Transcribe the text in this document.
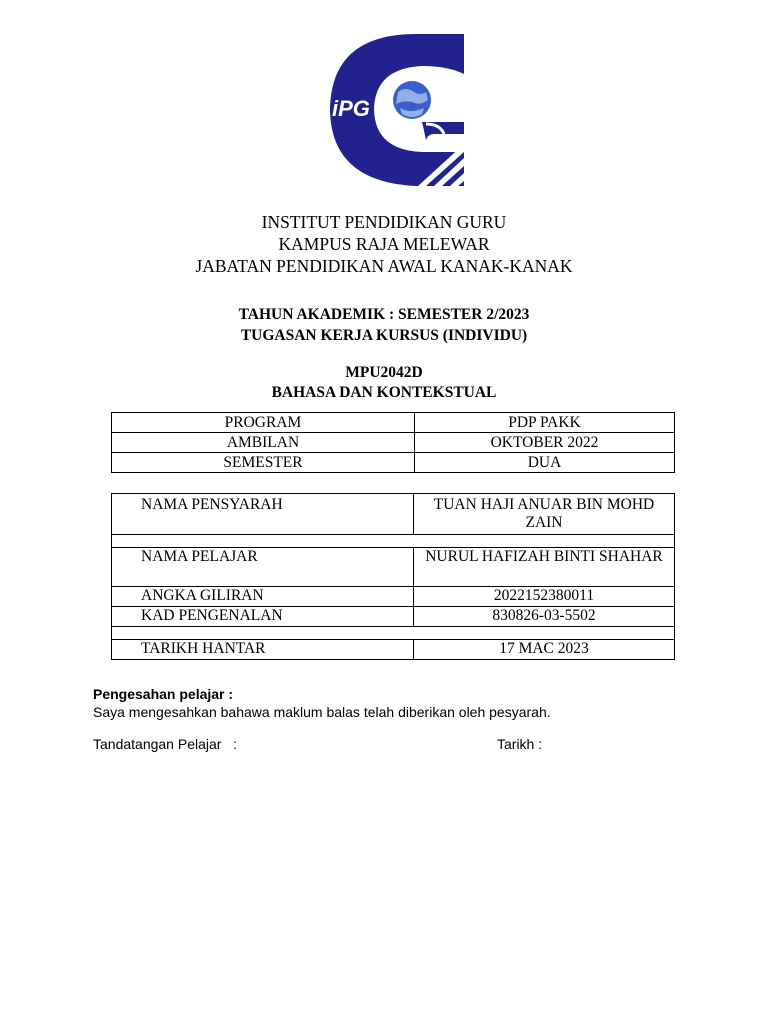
iPG
INSTITUT PENDIDIKAN GURU
KAMPUS RAJA MELEWAR
JABATAN PENDIDIKAN AWAL KANAK-KANAK
TAHUN AKADEMIK : SEMESTER 2/2023
TUGASAN KERJA KURSUS (INDIVIDU)
MPU2042D
BAHASA DAN KONTEKSTUAL
PROGRAM	PDP PAKK
AMBILAN	OKTOBER 2022
SEMESTER	DUA
NAMA PENSYARAH	TUAN HAJI ANUAR BIN MOHD ZAIN

NAMA PELAJAR	NURUL HAFIZAH BINTI SHAHAR
ANGKA GILIRAN	2022152380011
KAD PENGENALAN	830826-03-5502

TARIKH HANTAR	17 MAC 2023
Pengesahan pelajar :
Saya mengesahkan bahawa maklum balas telah diberikan oleh pesyarah.
Tandatangan Pelajar   :	Tarikh :
